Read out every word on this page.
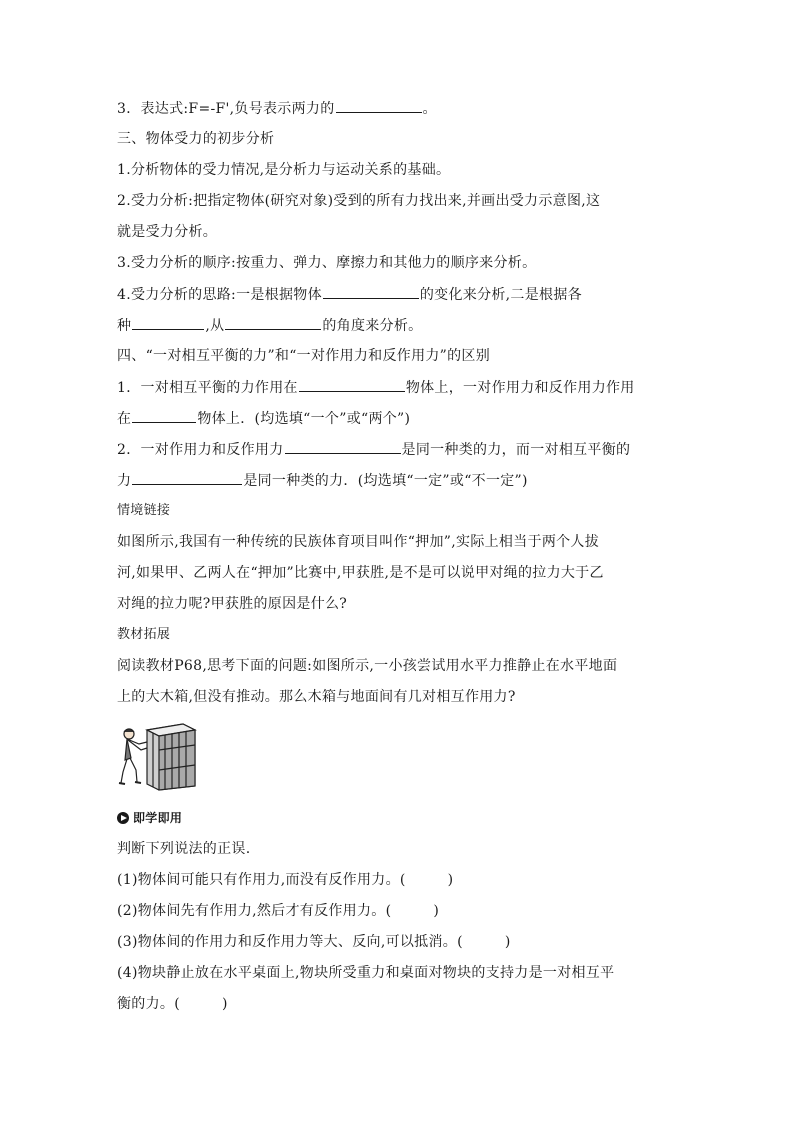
3．表达式:F=-F',负号表示两力的	。
三、物体受力的初步分析
1.分析物体的受力情况,是分析力与运动关系的基础。
2.受力分析:把指定物体(研究对象)受到的所有力找出来,并画出受力示意图,这
就是受力分析。
3.受力分析的顺序:按重力、弹力、摩擦力和其他力的顺序来分析。
4.受力分析的思路:一是根据物体	的变化来分析,二是根据各
种	,从	的角度来分析。
四、“一对相互平衡的力”和“一对作用力和反作用力”的区别
1．一对相互平衡的力作用在	物体上，一对作用力和反作用力作用
在	物体上．(均选填“一个”或“两个”)
2．一对作用力和反作用力	是同一种类的力，而一对相互平衡的
力	是同一种类的力．(均选填“一定”或“不一定”)
情境链接
如图所示,我国有一种传统的民族体育项目叫作“押加”,实际上相当于两个人拔
河,如果甲、乙两人在“押加”比赛中,甲获胜,是不是可以说甲对绳的拉力大于乙
对绳的拉力呢?甲获胜的原因是什么?
教材拓展
阅读教材P68,思考下面的问题:如图所示,一小孩尝试用水平力推静止在水平地面
上的大木箱,但没有推动。那么木箱与地面间有几对相互作用力?
即学即用
判断下列说法的正误.
(1)物体间可能只有作用力,而没有反作用力。(	)
(2)物体间先有作用力,然后才有反作用力。(	)
(3)物体间的作用力和反作用力等大、反向,可以抵消。(	)
(4)物块静止放在水平桌面上,物块所受重力和桌面对物块的支持力是一对相互平
衡的力。(	)
